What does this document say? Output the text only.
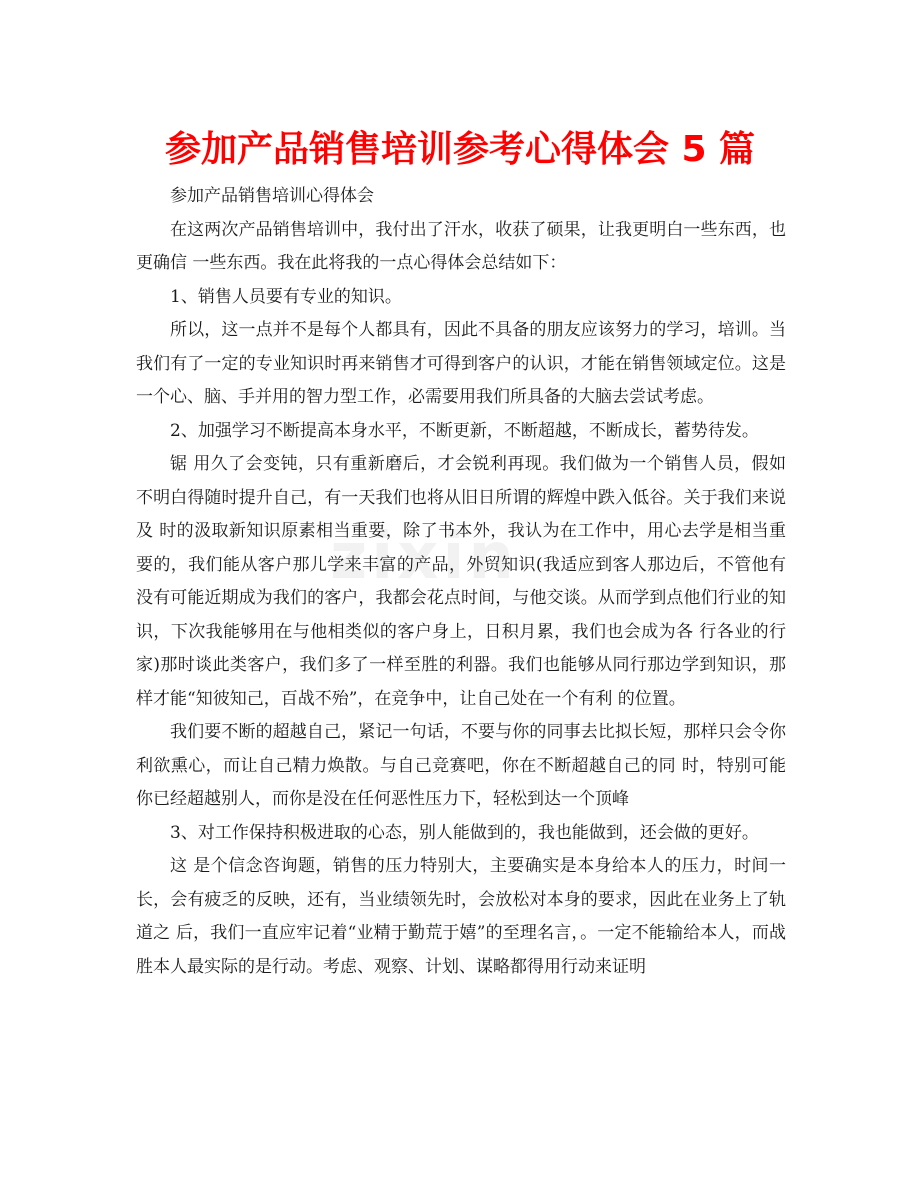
参加产品销售培训参考心得体会 5 篇
zixin

参加产品销售培训心得体会

在这两次产品销售培训中，我付出了汗水，收获了硕果，让我更明白一些东西，也更确信 一些东西。我在此将我的一点心得体会总结如下：

1、销售人员要有专业的知识。

所以，这一点并不是每个人都具有，因此不具备的朋友应该努力的学习，培训。当我们有了一定的专业知识时再来销售才可得到客户的认识，才能在销售领域定位。这是一个心、脑、手并用的智力型工作，必需要用我们所具备的大脑去尝试考虑。

2、加强学习不断提高本身水平，不断更新，不断超越，不断成长，蓄势待发。

锯 用久了会变钝，只有重新磨后，才会锐利再现。我们做为一个销售人员，假如不明白得随时提升自己，有一天我们也将从旧日所谓的辉煌中跌入低谷。关于我们来说及 时的汲取新知识原素相当重要，除了书本外，我认为在工作中，用心去学是相当重要的，我们能从客户那儿学来丰富的产品，外贸知识(我适应到客人那边后，不管他有没有可能近期成为我们的客户，我都会花点时间，与他交谈。从而学到点他们行业的知识，下次我能够用在与他相类似的客户身上，日积月累，我们也会成为各 行各业的行家)那时谈此类客户，我们多了一样至胜的利器。我们也能够从同行那边学到知识，那样才能“知彼知己，百战不殆”，在竞争中，让自己处在一个有利 的位置。

我们要不断的超越自己，紧记一句话，不要与你的同事去比拟长短，那样只会令你利欲熏心，而让自己精力焕散。与自己竞赛吧，你在不断超越自己的同 时，特别可能你已经超越别人，而你是没在任何恶性压力下，轻松到达一个顶峰

3、对工作保持积极进取的心态，别人能做到的，我也能做到，还会做的更好。

这 是个信念咨询题，销售的压力特别大，主要确实是本身给本人的压力，时间一长，会有疲乏的反映，还有，当业绩领先时，会放松对本身的要求，因此在业务上了轨道之 后，我们一直应牢记着“业精于勤荒于嬉”的至理名言，。一定不能输给本人，而战胜本人最实际的是行动。考虑、观察、计划、谋略都得用行动来证明
